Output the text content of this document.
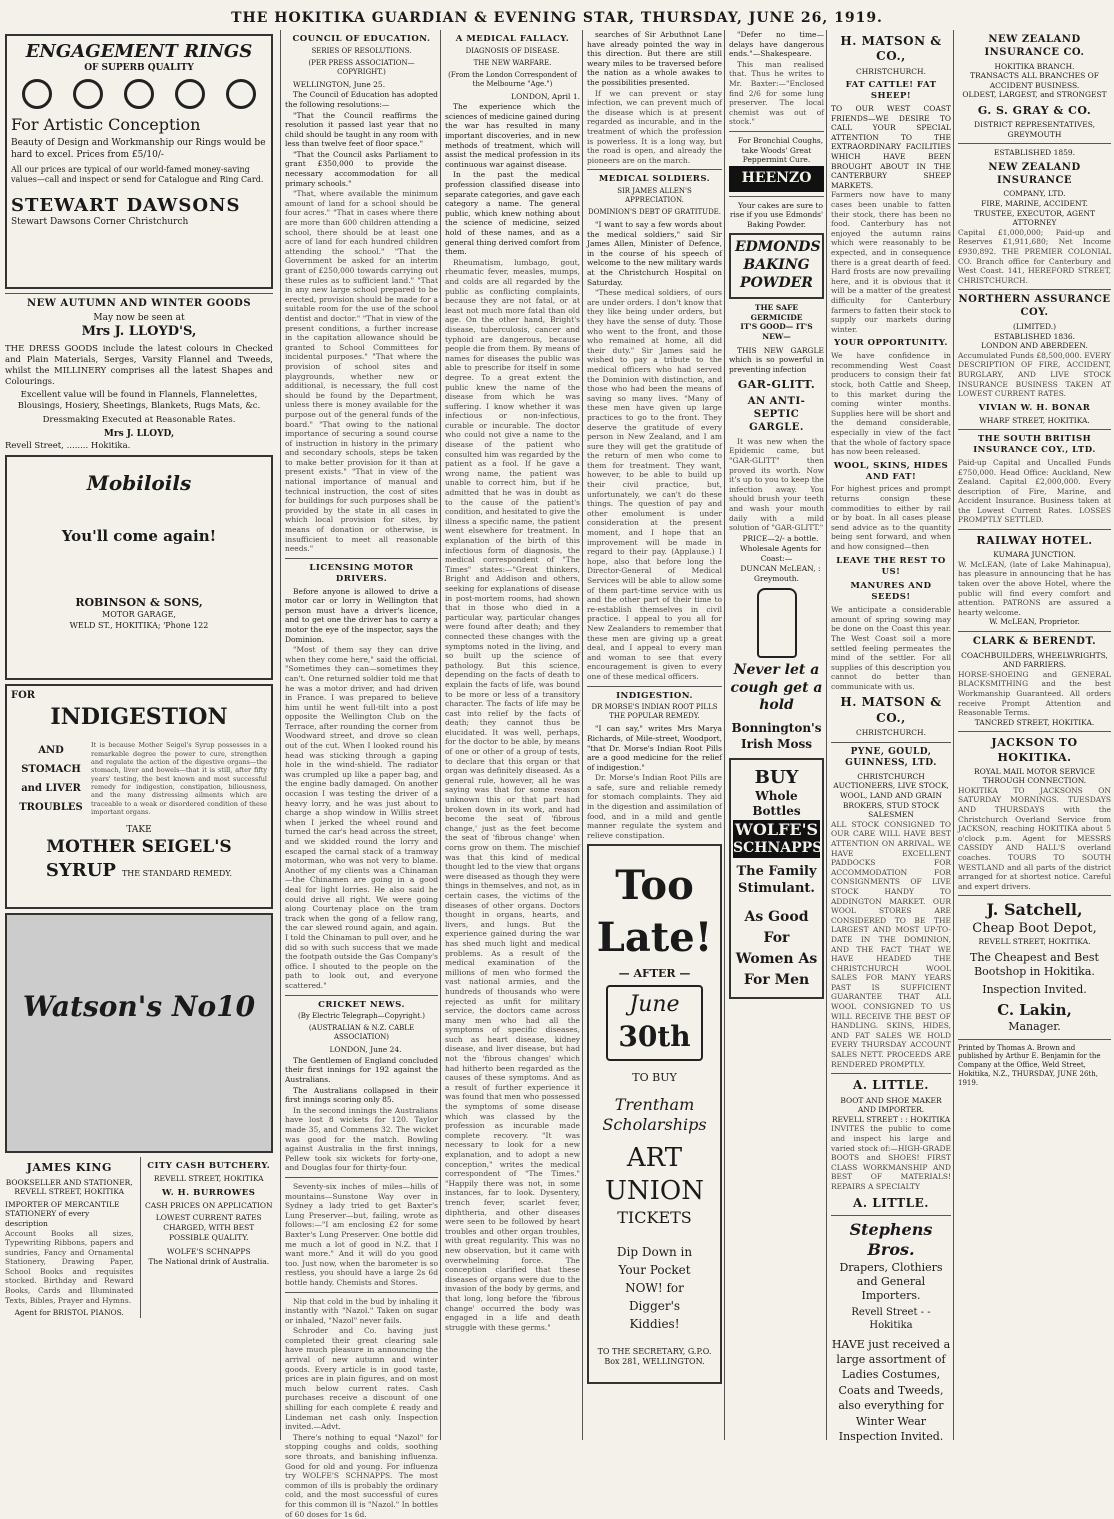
THE HOKITIKA GUARDIAN & EVENING STAR, THURSDAY, JUNE 26, 1919.
ENGAGEMENT RINGS
OF SUPERB QUALITY
For Artistic Conception
Beauty of Design and Workmanship our Rings would be hard to excel. Prices from £5/10/-
All our prices are typical of our world-famed money-saving values—call and inspect or send for Catalogue and Ring Card.
STEWART DAWSONS
Stewart Dawsons Corner Christchurch
NEW AUTUMN AND WINTER GOODS
May now be seen at
Mrs J. LLOYD'S,
THE DRESS GOODS include the latest colours in Checked and Plain Materials, Serges, Varsity Flannel and Tweeds, whilst the MILLINERY comprises all the latest Shapes and Colourings.
Excellent value will be found in Flannels, Flannelettes, Blousings, Hosiery, Sheetings, Blankets, Rugs Mats, &c.
Dressmaking Executed at Reasonable Rates.
Mrs J. LLOYD,
Revell Street, ........ Hokitika.
Mobiloils
You'll come again!
ROBINSON & SONS,
MOTOR GARAGE,
WELD ST., HOKITIKA; 'Phone 122
FOR
INDIGESTION
AND
STOMACH
and LIVER
TROUBLES
It is because Mother Seigel's Syrup possesses in a remarkable degree the power to cure, strengthen and regulate the action of the digestive organs—the stomach, liver and bowels—that it is still, after fifty years' testing, the best known and most successful remedy for indigestion, constipation, biliousness, and the many distressing ailments which are traceable to a weak or disordered condition of these important organs.
TAKE
MOTHER SEIGEL'S
SYRUP THE STANDARD REMEDY.
Watson's No10
JAMES KING
BOOKSELLER AND STATIONER,
REVELL STREET, HOKITIKA
IMPORTER OF MERCANTILE STATIONERY of every description
Account Books all sizes, Typewriting Ribbons, papers and sundries, Fancy and Ornamental Stationery, Drawing Paper, School Books and requisites stocked. Birthday and Reward Books, Cards and Illuminated Texts, Bibles, Prayer and Hymns.
Agent for BRISTOL PIANOS.
CITY CASH BUTCHERY.
REVELL STREET, HOKITIKA
W. H. BURROWES
CASH PRICES ON APPLICATION
LOWEST CURRENT RATES CHARGED, WITH BEST POSSIBLE QUALITY.
WOLFE'S SCHNAPPS
The National drink of Australia.
COUNCIL OF EDUCATION.
SERIES OF RESOLUTIONS.
(PER PRESS ASSOCIATION—COPYRIGHT.)

WELLINGTON, June 25.

The Council of Education has adopted the following resolutions:—

"That the Council reaffirms the resolution it passed last year that no child should be taught in any room with less than twelve feet of floor space."

"That the Council asks Parliament to grant £350,000 to provide the necessary accommodation for all primary schools."

"That, where available the minimum amount of land for a school should be four acres." "That in cases where there are more than 600 children attending a school, there should be at least one acre of land for each hundred children attending the school." "That the Government be asked for an interim grant of £250,000 towards carrying out these rules as to sufficient land." "That in any new large school prepared to be erected, provision should be made for a suitable room for the use of the school dentist and doctor." "That in view of the present conditions, a further increase in the capitation allowance should be granted to School Committees for incidental purposes." "That where the provision of school sites and playgrounds, whether new or additional, is necessary, the full cost should be found by the Department, unless there is money available for the purpose out of the general funds of the board." "That owing to the national importance of securing a sound course of instruction in history in the primary and secondary schools, steps be taken to make better provision for it than at present exists." "That in view of the national importance of manual and technical instruction, the cost of sites for buildings for such purposes shall be provided by the state in all cases in which local provision for sites, by means of donation or otherwise, is insufficient to meet all reasonable needs."

LICENSING MOTOR DRIVERS.

Before anyone is allowed to drive a motor car or lorry in Wellington that person must have a driver's licence, and to get one the driver has to carry a motor the eye of the inspector, says the Dominion.

"Most of them say they can drive when they come here," said the official. "Sometimes they can—sometimes they can't. One returned soldier told me that he was a motor driver, and had driven in France. I was prepared to believe him until he went full-tilt into a post opposite the Wellington Club on the Terrace, after rounding the corner from Woodward street, and drove so clean out of the cut. When I looked round his head was sticking through a gaping hole in the wind-shield. The radiator was crumpled up like a paper bag, and the engine badly damaged. On another occasion I was testing the driver of a heavy lorry, and he was just about to charge a shop window in Willis street when I jerked the wheel round and turned the car's head across the street, and we skidded round the lorry and escaped the carnal stack of a tramway motorman, who was not very to blame. Another of my clients was a Chinaman—the Chinamen are going in a good deal for light lorries. He also said he could drive all right. We were going along Courtenay place on the tram track when the gong of a fellow rang, the car slewed round again, and again. I told the Chinaman to pull over, and he did so with such success that we made the footpath outside the Gas Company's office. I shouted to the people on the path to look out, and everyone scattered."

CRICKET NEWS.
(By Electric Telegraph—Copyright.)
(AUSTRALIAN & N.Z. CABLE ASSOCIATION)

LONDON, June 24.

The Gentlemen of England concluded their first innings for 192 against the Australians.

The Australians collapsed in their first innings scoring only 85.

In the second innings the Australians have lost 8 wickets for 120. Taylor made 35, and Commens 32. The wicket was good for the match. Bowling against Australia in the first innings, Pellew took six wickets for forty-one, and Douglas four for thirty-four.

Seventy-six inches of miles—hills of mountains—Sunstone Way over in Sydney a lady tried to get Baxter's Lung Preserver—but, failing, wrote as follows:—"I am enclosing £2 for some Baxter's Lung Preserver. One bottle did me much a lot of good in N.Z. that I want more." And it will do you good too. Just now, when the barometer is so restless, you should have a large 2s 6d bottle handy. Chemists and Stores.

Nip that cold in the bud by inhaling it instantly with "Nazol." Taken on sugar or inhaled, "Nazol" never fails.

Schroder and Co. having just completed their great clearing sale have much pleasure in announcing the arrival of new autumn and winter goods. Every article is in good taste, prices are in plain figures, and on most much below current rates. Cash purchases receive a discount of one shilling for each complete £ ready and Lindeman net cash only. Inspection invited.—Advt.

There's nothing to equal "Nazol" for stopping coughs and colds, soothing sore throats, and banishing influenza. Good for old and young. For influenza try WOLFE'S SCHNAPPS. The most common of ills is probably the ordinary cold, and the most successful of cures for this common ill is "Nazol." In bottles of 60 doses for 1s 6d.

A MEDICAL FALLACY.
DIAGNOSIS OF DISEASE.
THE NEW WARFARE.
(From the London Correspondent of the Melbourne "Age.")

LONDON, April 1.

The experience which the sciences of medicine gained during the war has resulted in many important discoveries, and in new methods of treatment, which will assist the medical profession in its continuous war against disease.

In the past the medical profession classified disease into separate categories, and gave each category a name. The general public, which knew nothing about the science of medicine, seized hold of these names, and as a general thing derived comfort from them.

Rheumatism, lumbago, gout, rheumatic fever, measles, mumps, and colds are all regarded by the public as conflicting complaints, because they are not fatal, or at least not much more fatal than old age. On the other hand, Bright's disease, tuberculosis, cancer and typhoid are dangerous, because people die from them. By means of names for diseases the public was able to prescribe for itself in some degree. To a great extent the public knew the name of the disease from which he was suffering. I know whether it was infectious or non-infectious, curable or incurable. The doctor who could not give a name to the disease of the patient who consulted him was regarded by the patient as a fool. If he gave a wrong name, the patient was unable to correct him, but if he admitted that he was in doubt as to the cause of the patient's condition, and hesitated to give the illness a specific name, the patient went elsewhere for treatment. In explanation of the birth of this infectious form of diagnosis, the medical correspondent of "The Times" states:—"Great thinkers, Bright and Addison and others, seeking for explanations of disease in post-mortem rooms, had shown that in those who died in a particular way, particular changes were found after death; and they connected these changes with the symptoms noted in the living, and so built up the science of pathology. But this science, depending on the facts of death to explain the facts of life, was bound to be more or less of a transitory character. The facts of life may be cast into relief by the facts of death; they cannot thus be elucidated. It was well, perhaps, for the doctor to be able, by means of one or other of a group of tests, to declare that this organ or that organ was definitely diseased. As a general rule, however, all he was saying was that for some reason unknown this or that part had broken down in its work, and had become the seat of 'fibrous change,' just as the feet become the seat of 'fibrous change' when corns grow on them. The mischief was that this kind of medical thought led to the view that organs were diseased as though they were things in themselves, and not, as in certain cases, the victims of the diseases of other organs. Doctors thought in organs, hearts, and livers, and lungs. But the experience gained during the war has shed much light and medical problems. As a result of the medical examination of the millions of men who formed the vast national armies, and the hundreds of thousands who were rejected as unfit for military service, the doctors came across many men who had all the symptoms of specific diseases, such as heart disease, kidney disease, and liver disease, but had not the 'fibrous changes' which had hitherto been regarded as the causes of these symptoms. And as a result of further experience it was found that men who possessed the symptoms of some disease which was classed by the profession as incurable made complete recovery. "It was necessary to look for a new explanation, and to adopt a new conception," writes the medical correspondent of "The Times." "Happily there was not, in some instances, far to look. Dysentery, trench fever, scarlet fever, diphtheria, and other diseases were seen to be followed by heart troubles and other organ troubles, with great regularity. This was no new observation, but it came with overwhelming force. The conception clarified that these diseases of organs were due to the invasion of the body by germs, and that long, long before the 'fibrous change' occurred the body was engaged in a life and death struggle with these germs."

searches of Sir Arbuthnot Lane have already pointed the way in this direction. But there are still weary miles to be traversed before the nation as a whole awakes to the possibilities presented.

If we can prevent or stay infection, we can prevent much of the disease which is at present regarded as incurable, and in the treatment of which the profession is powerless. It is a long way, but the road is open, and already the pioneers are on the march.

MEDICAL SOLDIERS.
SIR JAMES ALLEN'S APPRECIATION.
DOMINION'S DEBT OF GRATITUDE.

"I want to say a few words about the medical soldiers," said Sir James Allen, Minister of Defence, in the course of his speech of welcome to the new military wards at the Christchurch Hospital on Saturday.

"These medical soldiers, of ours are under orders. I don't know that they like being under orders, but they have the sense of duty. Those who went to the front, and those who remained at home, all did their duty." Sir James said he wished to pay a tribute to the medical officers who had served the Dominion with distinction, and those who had been the means of saving so many lives. "Many of these men have given up large practices to go to the front. They deserve the gratitude of every person in New Zealand, and I am sure they will get the gratitude of the return of men who come to them for treatment. They want, however, to be able to build up their civil practice, but, unfortunately, we can't do these things. The question of pay and other emolument is under consideration at the present moment, and I hope that an improvement will be made in regard to their pay. (Applause.) I hope, also that before long the Director-General of Medical Services will be able to allow some of them part-time service with us and the other part of their time to re-establish themselves in civil practice. I appeal to you all for New Zealanders to remember that these men are giving up a great deal, and I appeal to every man and woman to see that every encouragement is given to every one of these medical officers.

INDIGESTION.
DR MORSE'S INDIAN ROOT PILLS THE POPULAR REMEDY.

"I can say," writes Mrs Marya Richards, of Mile-street, Woodport, "that Dr. Morse's Indian Root Pills are a good medicine for the relief of indigestion."

Dr. Morse's Indian Root Pills are a safe, sure and reliable remedy for stomach complaints. They aid in the digestion and assimilation of food, and in a mild and gentle manner regulate the system and relieve constipation.

Too
Late!
— AFTER —
June
30th
TO BUY
Trentham
Scholarships
ART UNION
TICKETS
Dip Down in Your Pocket NOW! for Digger's Kiddies!
TO THE SECRETARY, G.P.O. Box 281, WELLINGTON.

"Defer no time—delays have dangerous ends."—Shakespeare.

This man realised that. Thus he writes to Mr. Baxter:—"Enclosed find 2/6 for some lung preserver. The local chemist was out of stock."

For Bronchial Coughs, take Woods' Great Peppermint Cure.

HEENZO

Your cakes are sure to rise if you use Edmonds' Baking Powder.

EDMONDS BAKING POWDER
THE SAFE GERMICIDE
IT'S GOOD— IT'S NEW—

THIS NEW GARGLE which is so powerful in preventing infection

GAR-GLITT.
AN ANTI-SEPTIC GARGLE.

It was new when the Epidemic came, but "GAR-GLITT" then proved its worth. Now it's up to you to keep the infection away. You should brush your teeth and wash your mouth daily with a mild solution of "GAR-GLITT."

PRICE—2/- a bottle.

Wholesale Agents for Coast:—

DUNCAN McLEAN, : Greymouth.

Never let a cough get a hold
Bonnington's Irish Moss
BUY
Whole Bottles
WOLFE'S
SCHNAPPS
The Family
Stimulant.
As Good For Women As For Men
H. MATSON & CO.,
CHRISTCHURCH.
FAT CATTLE! FAT SHEEP!

TO OUR WEST COAST FRIENDS—WE DESIRE TO CALL YOUR SPECIAL ATTENTION TO THE EXTRAORDINARY FACILITIES WHICH HAVE BEEN BROUGHT ABOUT IN THE CANTERBURY SHEEP MARKETS.

Farmers now have to many cases been unable to fatten their stock, there has been no food. Canterbury has not enjoyed the autumn rains which were reasonably to be expected, and in consequence there is a great dearth of feed. Hard frosts are now prevailing here, and it is obvious that it will be a matter of the greatest difficulty for Canterbury farmers to fatten their stock to supply our markets during winter.

YOUR OPPORTUNITY.

We have confidence in recommending West Coast producers to consign their fat stock, both Cattle and Sheep, to this market during the coming winter months. Supplies here will be short and the demand considerable, especially in view of the fact that the whole of factory space has now been released.

WOOL, SKINS, HIDES AND FAT!

For highest prices and prompt returns consign these commodities to either by rail or by boat. In all cases please send advice as to the quantity being sent forward, and when and how consigned—then

LEAVE THE REST TO US!
MANURES AND SEEDS!

We anticipate a considerable amount of spring sowing may be done on the Coast this year. The West Coast soil a more settled feeling permeates the mind of the settler. For all supplies of this description you cannot do better than communicate with us.

H. MATSON & CO.,
CHRISTCHURCH.
PYNE, GOULD, GUINNESS, LTD.
CHRISTCHURCH
AUCTIONEERS, LIVE STOCK, WOOL, LAND AND GRAIN BROKERS, STUD STOCK SALESMEN

ALL STOCK CONSIGNED TO OUR CARE WILL HAVE BEST ATTENTION ON ARRIVAL. WE HAVE EXCELLENT PADDOCKS FOR ACCOMMODATION FOR CONSIGNMENTS OF LIVE STOCK HANDY TO ADDINGTON MARKET. OUR WOOL STORES ARE CONSIDERED TO BE THE LARGEST AND MOST UP-TO-DATE IN THE DOMINION, AND THE FACT THAT WE HAVE HEADED THE CHRISTCHURCH WOOL SALES FOR MANY YEARS PAST IS SUFFICIENT GUARANTEE THAT ALL WOOL CONSIGNED TO US WILL RECEIVE THE BEST OF HANDLING. SKINS, HIDES, AND FAT SALES WE HOLD EVERY THURSDAY ACCOUNT SALES NETT. PROCEEDS ARE RENDERED PROMPTLY.

A. LITTLE.
BOOT AND SHOE MAKER AND IMPORTER.
REVELL STREET : : HOKITIKA

INVITES the public to come and inspect his large and varied stock of:—HIGH-GRADE BOOTS and SHOES! FIRST CLASS WORKMANSHIP AND BEST OF MATERIALS! REPAIRS A SPECIALTY

A. LITTLE.
Stephens Bros.
Drapers, Clothiers and General Importers.
Revell Street - - Hokitika
HAVE just received a large assortment of Ladies Costumes, Coats and Tweeds, also everything for Winter Wear Inspection Invited.
NEW ZEALAND INSURANCE CO.
HOKITIKA BRANCH.
TRANSACTS ALL BRANCHES OF ACCIDENT BUSINESS.
OLDEST, LARGEST, and STRONGEST
G. S. GRAY & CO.
DISTRICT REPRESENTATIVES, GREYMOUTH
ESTABLISHED 1859.
NEW ZEALAND INSURANCE
COMPANY, LTD.
FIRE, MARINE, ACCIDENT.
TRUSTEE, EXECUTOR, AGENT ATTORNEY

Capital £1,000,000; Paid-up and Reserves £1,911,680; Net Income £930,892. THE PREMIER COLONIAL CO. Branch office for Canterbury and West Coast. 141, HEREFORD STREET, CHRISTCHURCH.

NORTHERN ASSURANCE COY.
(LIMITED.)
ESTABLISHED 1836.
LONDON AND ABERDEEN.

Accumulated Funds £8,500,000. EVERY DESCRIPTION OF FIRE, ACCIDENT, BURGLARY, AND LIVE STOCK INSURANCE BUSINESS TAKEN AT LOWEST CURRENT RATES.

VIVIAN W. H. BONAR
WHARF STREET, HOKITIKA.
THE SOUTH BRITISH INSURANCE COY., LTD.

Paid-up Capital and Uncalled Funds £750,000. Head Office: Auckland, New Zealand. Capital £2,000,000. Every description of Fire, Marine, and Accident Insurance. Business taken at the Lowest Current Rates. LOSSES PROMPTLY SETTLED.

RAILWAY HOTEL.
KUMARA JUNCTION.

W. McLEAN, (late of Lake Mahinapua), has pleasure in announcing that he has taken over the above Hotel, where the public will find every comfort and attention. PATRONS are assured a hearty welcome.

W. McLEAN, Proprietor.
CLARK & BERENDT.
COACHBUILDERS, WHEELWRIGHTS, AND FARRIERS.

HORSE-SHOEING and GENERAL BLACKSMITHING and the best Workmanship Guaranteed. All orders receive Prompt Attention and Reasonable Terms.

TANCRED STREET, HOKITIKA.
JACKSON TO HOKITIKA.
ROYAL MAIL MOTOR SERVICE THROUGH CONNECTION.

HOKITIKA TO JACKSONS ON SATURDAY MORNINGS. TUESDAYS AND THURSDAYS with the Christchurch Overland Service from JACKSON, reaching HOKITIKA about 5 o'clock p.m. Agent for MESSRS CASSIDY AND HALL'S overland coaches. TOURS TO SOUTH WESTLAND and all parts of the district arranged for at shortest notice. Careful and expert drivers.

J. Satchell,
Cheap Boot Depot,
REVELL STREET, HOKITIKA.
The Cheapest and Best Bootshop in Hokitika.
Inspection Invited.
C. Lakin,
Manager.
Printed by Thomas A. Brown and published by Arthur E. Benjamin for the Company at the Office, Weld Street, Hokitika, N.Z., THURSDAY, JUNE 26th, 1919.
